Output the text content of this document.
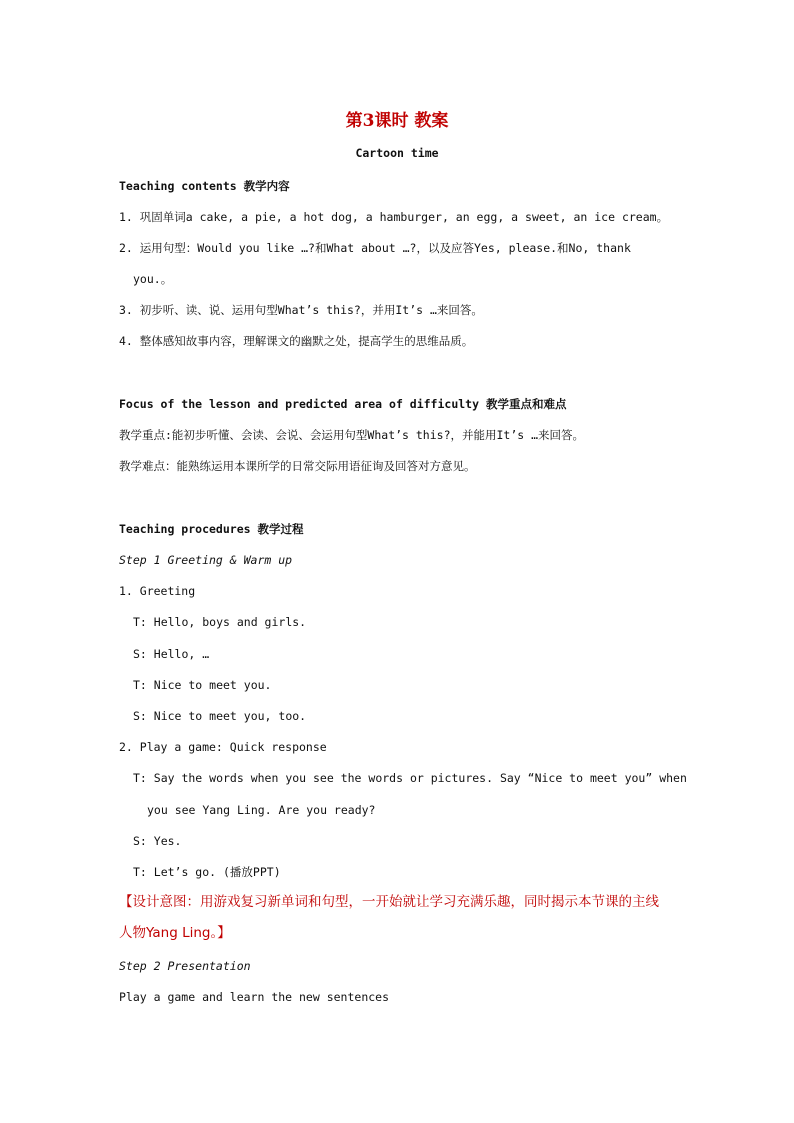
第3课时 教案
Cartoon time
Teaching contents 教学内容
1. 巩固单词a cake, a pie, a hot dog, a hamburger, an egg, a sweet, an ice cream。
2. 运用句型：Would you like …?和What about …?，以及应答Yes, please.和No, thank
you.。
3. 初步听、读、说、运用句型What’s this?，并用It’s …来回答。
4. 整体感知故事内容，理解课文的幽默之处，提高学生的思维品质。
Focus of the lesson and predicted area of difficulty 教学重点和难点
教学重点:能初步听懂、会读、会说、会运用句型What’s this?，并能用It’s …来回答。
教学难点：能熟练运用本课所学的日常交际用语征询及回答对方意见。
Teaching procedures 教学过程
Step 1 Greeting & Warm up
1. Greeting
T: Hello, boys and girls.
S: Hello, …
T: Nice to meet you.
S: Nice to meet you, too.
2. Play a game: Quick response
T: Say the words when you see the words or pictures. Say “Nice to meet you” when
you see Yang Ling. Are you ready?
S: Yes.
T: Let’s go. (播放PPT)
【设计意图：用游戏复习新单词和句型，一开始就让学习充满乐趣，同时揭示本节课的主线
人物Yang Ling。】
Step 2 Presentation
Play a game and learn the new sentences
